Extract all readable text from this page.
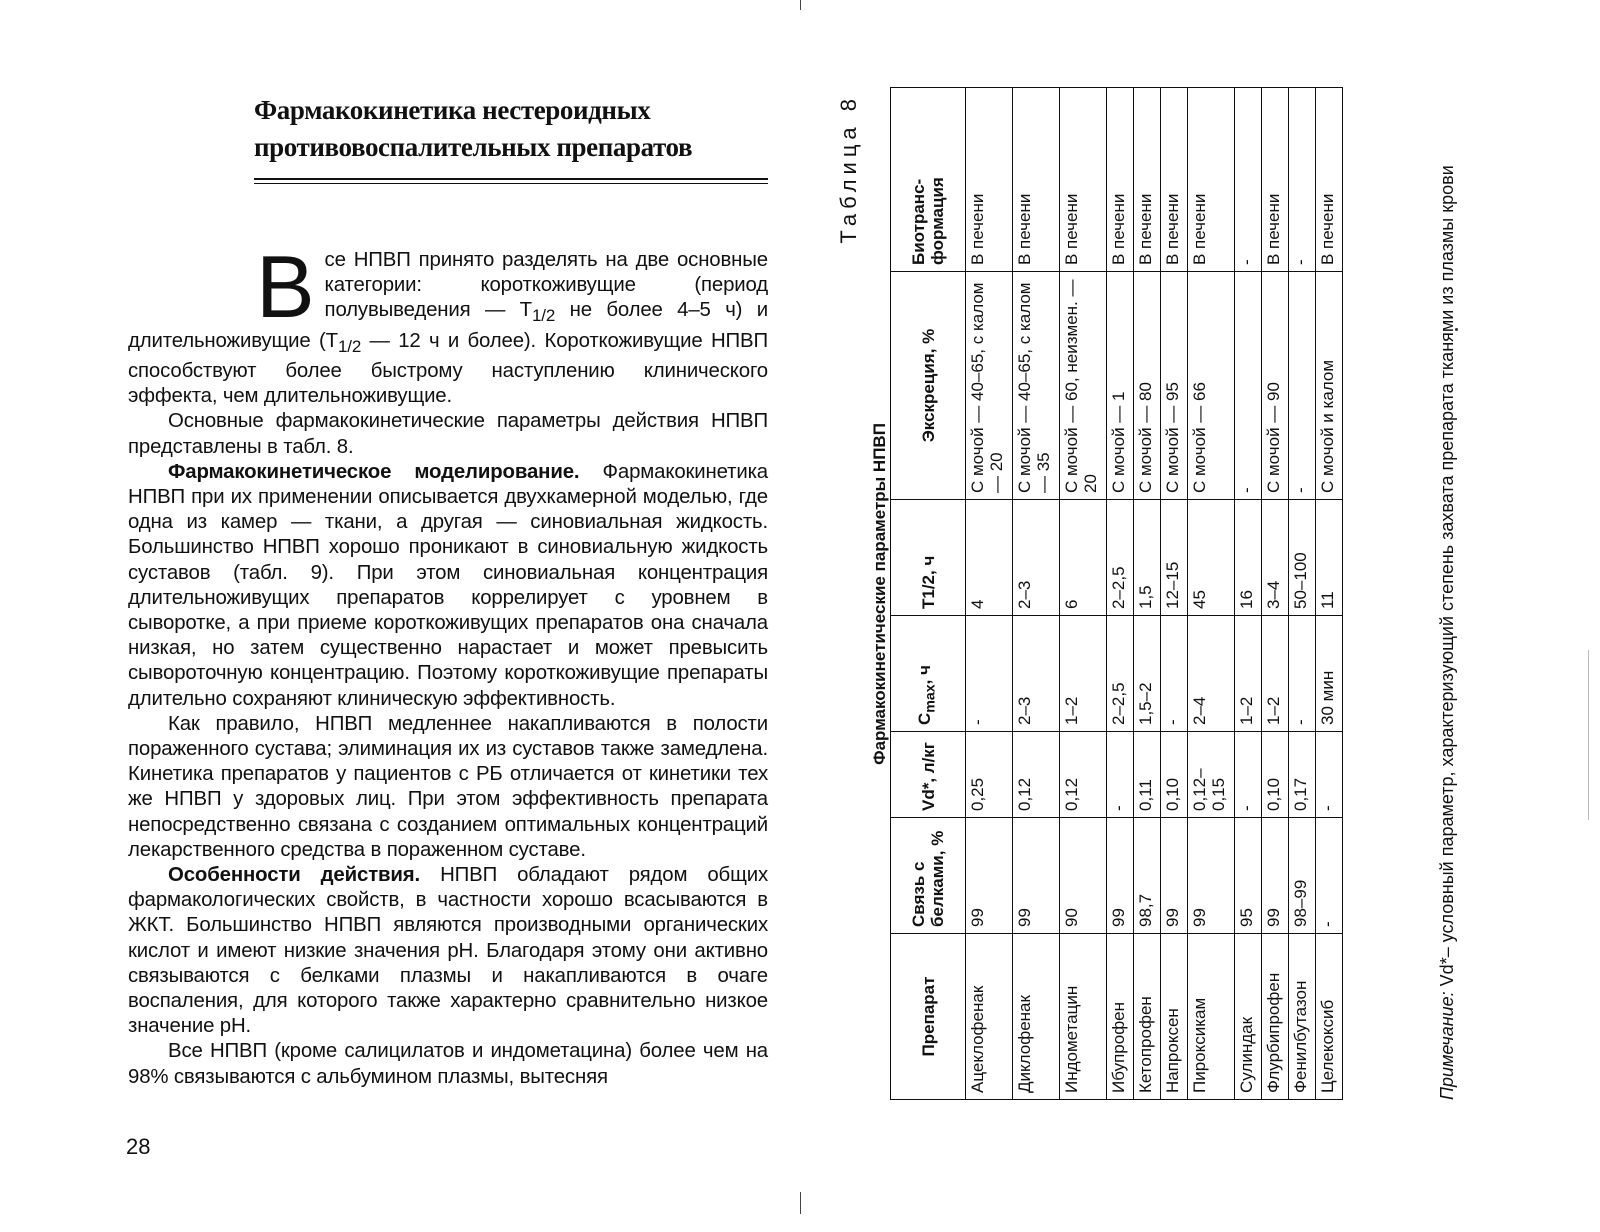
Фармакокинетика нестероидных
противовоспалительных препаратов

Все НПВП принято разделять на две основные категории: короткоживущие (период полувыведения — $Т_{1/2}$ не более 4–5 ч) и длительноживущие ($Т_{1/2}$ — 12 ч и более). Короткоживущие НПВП способствуют более быстрому наступлению клинического эффекта, чем длительноживущие.

Основные фармакокинетические параметры действия НПВП представлены в табл. 8.

Фармакокинетическое моделирование. Фармакокинетика НПВП при их применении описывается двухкамерной моделью, где одна из камер — ткани, а другая — синовиальная жидкость. Большинство НПВП хорошо проникают в синовиальную жидкость суставов (табл. 9). При этом синовиальная концентрация длительноживущих препаратов коррелирует с уровнем в сыворотке, а при приеме короткоживущих препаратов она сначала низкая, но затем существенно нарастает и может превысить сывороточную концентрацию. Поэтому короткоживущие препараты длительно сохраняют клиническую эффективность.

Как правило, НПВП медленнее накапливаются в полости пораженного сустава; элиминация их из суставов также замедлена. Кинетика препаратов у пациентов с РБ отличается от кинетики тех же НПВП у здоровых лиц. При этом эффективность препарата непосредственно связана с созданием оптимальных концентраций лекарственного средства в пораженном суставе.

Особенности действия. НПВП обладают рядом общих фармакологических свойств, в частности хорошо всасываются в ЖКТ. Большинство НПВП являются производными органических кислот и имеют низкие значения pH. Благодаря этому они активно связываются с белками плазмы и накапливаются в очаге воспаления, для которого также характерно сравнительно низкое значение pH.

Все НПВП (кроме салицилатов и индометацина) более чем на 98% связываются с альбумином плазмы, вытесняя

28
Таблица 8
Фармакокинетические параметры НПВП
Препарат	Связь с белками, %	Vd*, л/кг	$C_{max}$, ч	T1/2, ч	Экскреция, %	Биотранс-формация
Ацеклофенак	99	0,25	-	4	С мочой — 40–65, с калом — 20	В печени
Диклофенак	99	0,12	2–3	2–3	С мочой — 40–65, с калом — 35	В печени
Индометацин	90	0,12	1–2	6	С мочой — 60, неизмен. — 20	В печени
Ибупрофен	99	-	2–2,5	2–2,5	С мочой — 1	В печени
Кетопрофен	98,7	0,11	1,5–2	1,5	С мочой — 80	В печени
Напроксен	99	0,10	-	12–15	С мочой — 95	В печени
Пироксикам	99	0,12–0,15	2–4	45	С мочой — 66	В печени
Сулиндак	95	-	1–2	16	-	-
Флурбипрофен	99	0,10	1–2	3–4	С мочой — 90	В печени
Фенилбутазон	98–99	0,17	-	50–100	-	-
Целекоксиб	-	-	30 мин	11	С мочой и калом	В печени
Примечание: Vd*– условный параметр, характеризующий степень захвата препарата тканями из плазмы крови
